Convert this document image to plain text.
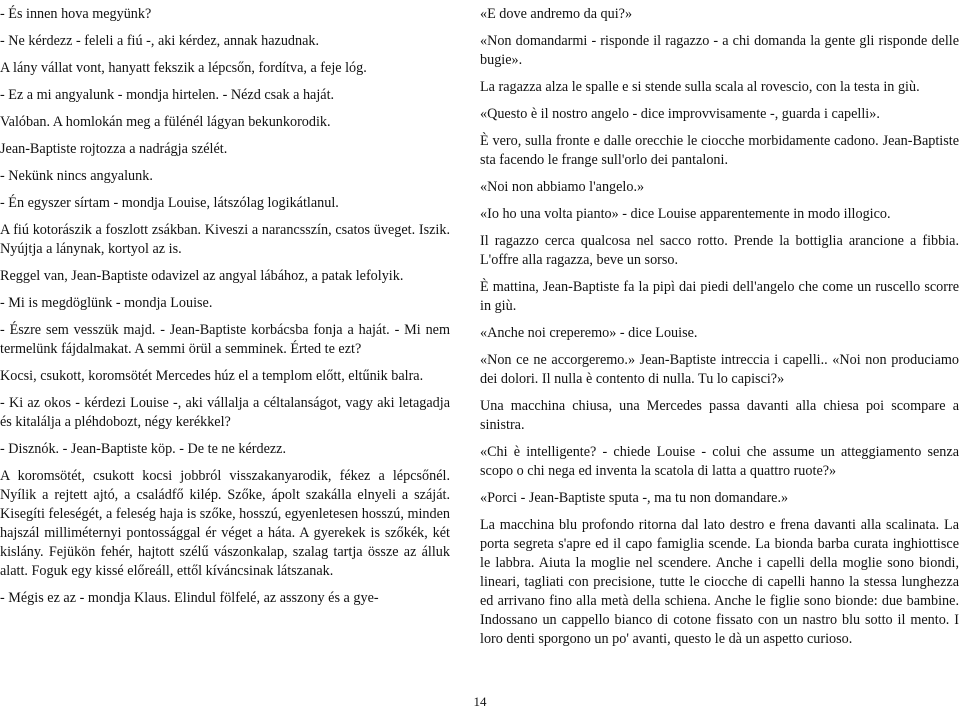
- És innen hova megyünk?

- Ne kérdezz - feleli a fiú -, aki kérdez, annak hazudnak.

A lány vállat vont, hanyatt fekszik a lépcsőn, fordítva, a feje lóg.

- Ez a mi angyalunk - mondja hirtelen. - Nézd csak a haját.

Valóban. A homlokán meg a fülénél lágyan bekunkorodik.

Jean-Baptiste rojtozza a nadrágja szélét.

- Nekünk nincs angyalunk.

- Én egyszer sírtam - mondja Louise, látszólag logikátlanul.

A fiú kotorászik a foszlott zsákban. Kiveszi a narancsszín, csatos üveget. Iszik. Nyújtja a lánynak, kortyol az is.

Reggel van, Jean-Baptiste odavizel az angyal lábához, a patak lefolyik.

- Mi is megdöglünk - mondja Louise.

- Észre sem vesszük majd. - Jean-Baptiste korbácsba fonja a haját. - Mi nem termelünk fájdalmakat. A semmi örül a semminek. Érted te ezt?

Kocsi, csukott, koromsötét Mercedes húz el a templom előtt, eltűnik balra.

- Ki az okos - kérdezi Louise -, aki vállalja a céltalanságot, vagy aki letagadja és kitalálja a pléhdobozt, négy kerékkel?

- Disznók. - Jean-Baptiste köp. - De te ne kérdezz.

A koromsötét, csukott kocsi jobbról visszakanyarodik, fékez a lépcsőnél. Nyílik a rejtett ajtó, a családfő kilép. Szőke, ápolt szakálla elnyeli a száját. Kisegíti feleségét, a feleség haja is szőke, hosszú, egyenletesen hosszú, minden hajszál milliméternyi pontossággal ér véget a háta. A gyerekek is szőkék, két kislány. Fejükön fehér, hajtott szélű vászonkalap, szalag tartja össze az álluk alatt. Foguk egy kissé előreáll, ettől kíváncsinak látszanak.

- Mégis ez az - mondja Klaus. Elindul fölfelé, az asszony és a gye-

«E dove andremo da qui?»

«Non domandarmi - risponde il ragazzo - a chi domanda la gente gli risponde delle bugie».

La ragazza alza le spalle e si stende sulla scala al rovescio, con la testa in giù.

«Questo è il nostro angelo - dice improvvisamente -, guarda i capelli».

È vero, sulla fronte e dalle orecchie le ciocche morbidamente cadono. Jean-Baptiste sta facendo le frange sull'orlo dei pantaloni.

«Noi non abbiamo l'angelo.»

«Io ho una volta pianto» - dice Louise apparentemente in modo illogico.

Il ragazzo cerca qualcosa nel sacco rotto. Prende la bottiglia arancione a fibbia. L'offre alla ragazza, beve un sorso.

È mattina, Jean-Baptiste fa la pipì dai piedi dell'angelo che come un ruscello scorre in giù.

«Anche noi creperemo» - dice Louise.

«Non ce ne accorgeremo.» Jean-Baptiste intreccia i capelli.. «Noi non produciamo dei dolori. Il nulla è contento di nulla. Tu lo capisci?»

Una macchina chiusa, una Mercedes passa davanti alla chiesa poi scompare a sinistra.

«Chi è intelligente? - chiede Louise - colui che assume un atteggiamento senza scopo o chi nega ed inventa la scatola di latta a quattro ruote?»

«Porci - Jean-Baptiste sputa -, ma tu non domandare.»

La macchina blu profondo ritorna dal lato destro e frena davanti alla scalinata. La porta segreta s'apre ed il capo famiglia scende. La bionda barba curata inghiottisce le labbra. Aiuta la moglie nel scendere. Anche i capelli della moglie sono biondi, lineari, tagliati con precisione, tutte le ciocche di capelli hanno la stessa lunghezza ed arrivano fino alla metà della schiena. Anche le figlie sono bionde: due bambine. Indossano un cappello bianco di cotone fissato con un nastro blu sotto il mento. I loro denti sporgono un po' avanti, questo le dà un aspetto curioso.

14
